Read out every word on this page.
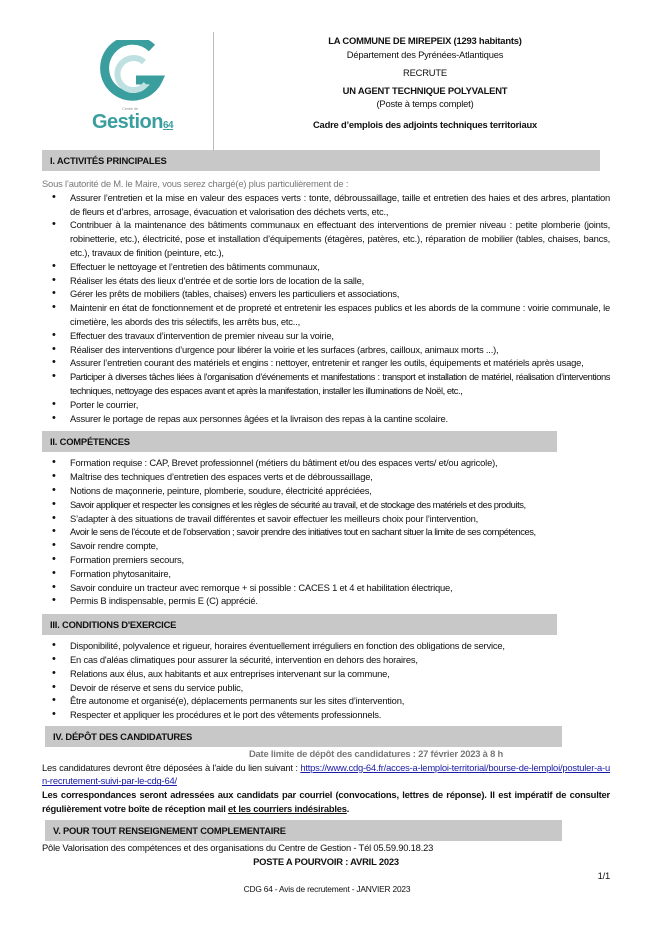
Centre de
Gestion64
LA COMMUNE DE MIREPEIX (1293 habitants)
Département des Pyrénées-Atlantiques
RECRUTE
UN AGENT TECHNIQUE POLYVALENT
(Poste à temps complet)
Cadre d’emplois des adjoints techniques territoriaux
I. ACTIVITÉS PRINCIPALES
Sous l’autorité de M. le Maire, vous serez chargé(e) plus particulièrement de :
• Assurer l’entretien et la mise en valeur des espaces verts : tonte, débroussaillage, taille et entretien des haies et des arbres, plantation de fleurs et d’arbres, arrosage, évacuation et valorisation des déchets verts, etc.,
• Contribuer à la maintenance des bâtiments communaux en effectuant des interventions de premier niveau : petite plomberie (joints, robinetterie, etc.), électricité, pose et installation d’équipements (étagères, patères, etc.), réparation de mobilier (tables, chaises, bancs, etc.), travaux de finition (peinture, etc.),
• Effectuer le nettoyage et l’entretien des bâtiments communaux,
• Réaliser les états des lieux d’entrée et de sortie lors de location de la salle,
• Gérer les prêts de mobiliers (tables, chaises) envers les particuliers et associations,
• Maintenir en état de fonctionnement et de propreté et entretenir les espaces publics et les abords de la commune : voirie communale, le cimetière, les abords des tris sélectifs, les arrêts bus, etc..,
• Effectuer des travaux d’intervention de premier niveau sur la voirie,
• Réaliser des interventions d’urgence pour libérer la voirie et les surfaces (arbres, cailloux, animaux morts ...),
• Assurer l’entretien courant des matériels et engins : nettoyer, entretenir et ranger les outils, équipements et matériels après usage,
• Participer à diverses tâches liées à l’organisation d’événements et manifestations : transport et installation de matériel, réalisation d’interventions techniques, nettoyage des espaces avant et après la manifestation, installer les illuminations de Noël, etc.,
• Porter le courrier,
• Assurer le portage de repas aux personnes âgées et la livraison des repas à la cantine scolaire.
II. COMPÉTENCES
• Formation requise : CAP, Brevet professionnel (métiers du bâtiment et/ou des espaces verts/ et/ou agricole),
• Maîtrise des techniques d’entretien des espaces verts et de débroussaillage,
• Notions de maçonnerie, peinture, plomberie, soudure, électricité appréciées,
• Savoir appliquer et respecter les consignes et les règles de sécurité au travail, et de stockage des matériels et des produits,
• S’adapter à des situations de travail différentes et savoir effectuer les meilleurs choix pour l’intervention,
• Avoir le sens de l’écoute et de l’observation ; savoir prendre des initiatives tout en sachant situer la limite de ses compétences,
• Savoir rendre compte,
• Formation premiers secours,
• Formation phytosanitaire,
• Savoir conduire un tracteur avec remorque + si possible : CACES 1 et 4 et habilitation électrique,
• Permis B indispensable, permis E (C) apprécié.
III. CONDITIONS D'EXERCICE
• Disponibilité, polyvalence et rigueur, horaires éventuellement irréguliers en fonction des obligations de service,
• En cas d'aléas climatiques pour assurer la sécurité, intervention en dehors des horaires,
• Relations aux élus, aux habitants et aux entreprises intervenant sur la commune,
• Devoir de réserve et sens du service public,
• Être autonome et organisé(e), déplacements permanents sur les sites d’intervention,
• Respecter et appliquer les procédures et le port des vêtements professionnels.
IV. DÉPÔT DES CANDIDATURES
Date limite de dépôt des candidatures : 27 février 2023 à 8 h
Les candidatures devront être déposées à l'aide du lien suivant : https://www.cdg-64.fr/acces-a-lemploi-territorial/bourse-de-lemploi/postuler-a-un-recrutement-suivi-par-le-cdg-64/
Les correspondances seront adressées aux candidats par courriel (convocations, lettres de réponse). Il est impératif de consulter régulièrement votre boîte de réception mail et les courriers indésirables.
V. POUR TOUT RENSEIGNEMENT COMPLEMENTAIRE
Pôle Valorisation des compétences et des organisations du Centre de Gestion - Tél 05.59.90.18.23
POSTE A POURVOIR : AVRIL 2023
1/1
CDG 64 - Avis de recrutement - JANVIER 2023
